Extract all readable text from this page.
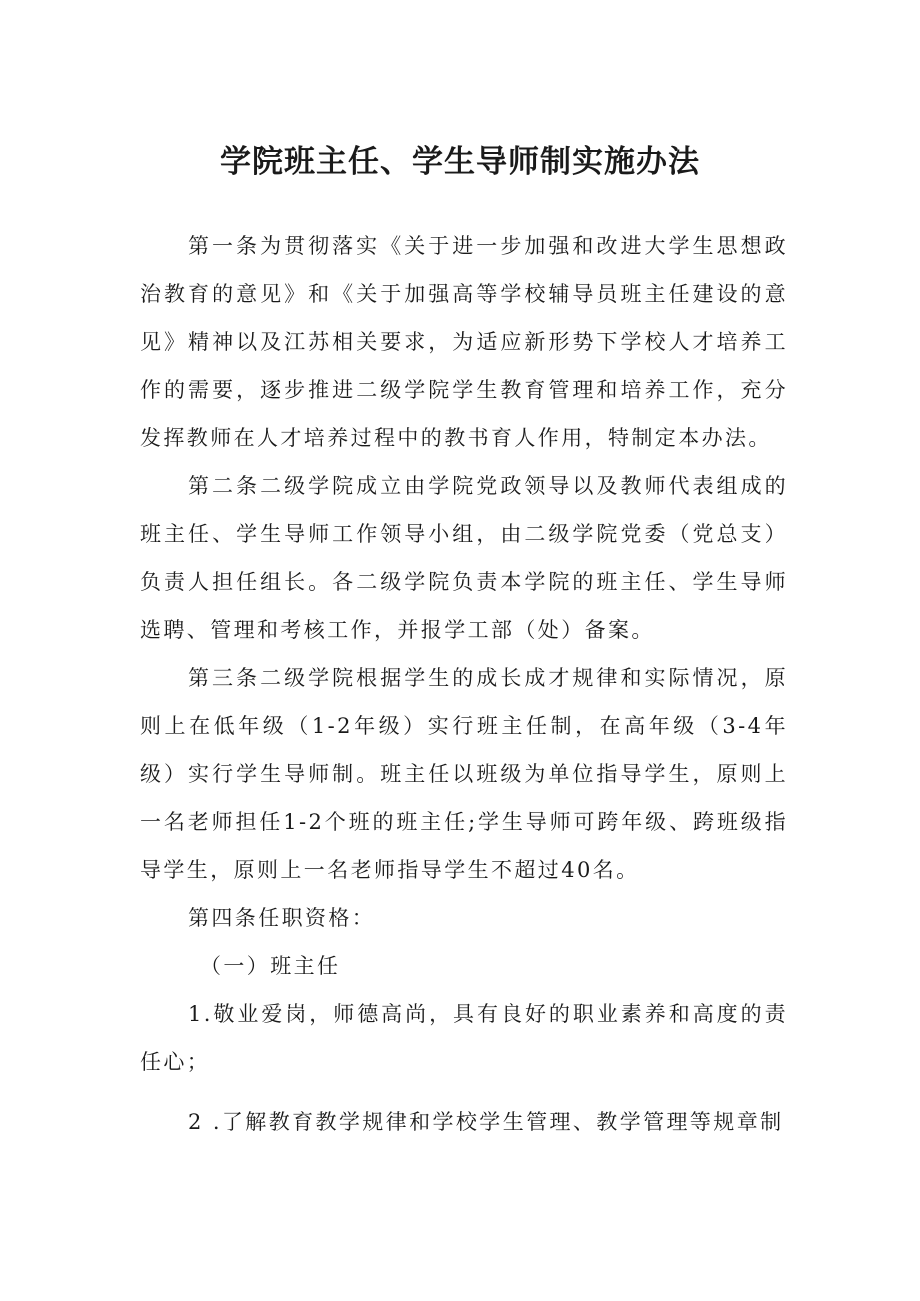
学院班主任、学生导师制实施办法
第一条为贯彻落实《关于进一步加强和改进大学生思想政治教育的意见》和《关于加强高等学校辅导员班主任建设的意见》精神以及江苏相关要求，为适应新形势下学校人才培养工作的需要，逐步推进二级学院学生教育管理和培养工作，充分发挥教师在人才培养过程中的教书育人作用，特制定本办法。
第二条二级学院成立由学院党政领导以及教师代表组成的班主任、学生导师工作领导小组，由二级学院党委（党总支）负责人担任组长。各二级学院负责本学院的班主任、学生导师选聘、管理和考核工作，并报学工部（处）备案。
第三条二级学院根据学生的成长成才规律和实际情况，原则上在低年级（1-2年级）实行班主任制，在高年级（3-4年级）实行学生导师制。班主任以班级为单位指导学生，原则上一名老师担任1-2个班的班主任;学生导师可跨年级、跨班级指导学生，原则上一名老师指导学生不超过40名。
第四条任职资格：
（一）班主任
1.敬业爱岗，师德高尚，具有良好的职业素养和高度的责任心；
2 .了解教育教学规律和学校学生管理、教学管理等规章制
